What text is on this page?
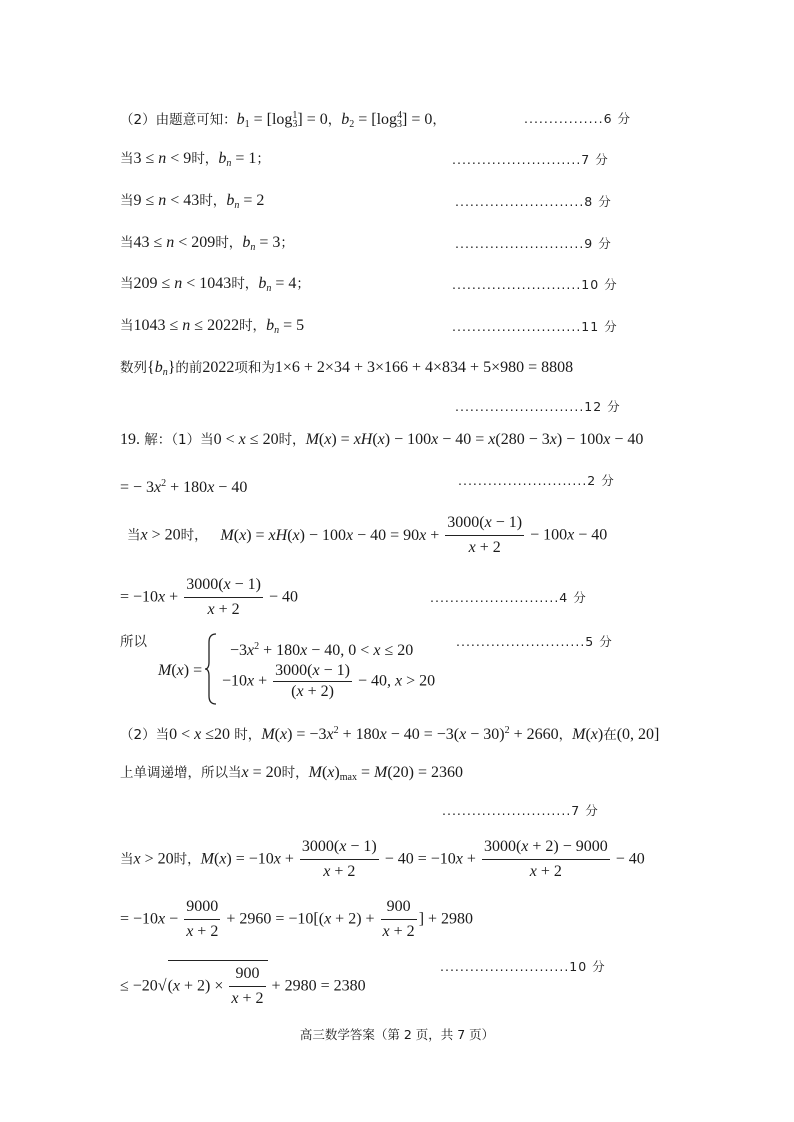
（2）由题意可知：$b_1 = [\log_3^1] = 0$，$b_2 = [\log_3^4] = 0$，	................6 分
当3 ≤ n < 9时，$b_n = 1$；	..........................7 分
当9 ≤ n < 43时，$b_n = 2$	..........................8 分
当43 ≤ n < 209时，$b_n = 3$；	..........................9 分
当209 ≤ n < 1043时，$b_n = 4$；	..........................10 分
当1043 ≤ n ≤ 2022时，$b_n = 5$	..........................11 分
数列$\{b_n\}$的前2022项和为1×6 + 2×34 + 3×166 + 4×834 + 5×980 = 8808
..........................12 分
19. 解：（1）当0 < x ≤ 20时，M(x) = xH(x) − 100x − 40 = x(280 − 3x) − 100x − 40
= − $3x^2 + 180x - 40$	..........................2 分
当x > 20时， $M(x) = xH(x) - 100x - 40 = 90x + \frac{3000(x - 1)}{x + 2} - 100x - 40$
= $-10x + \frac{3000(x - 1)}{x + 2} - 40$	..........................4 分
所以	..........................5 分
M(x) =
$-3x^2 + 180x - 40$, 0 < x ≤ 20
$-10x + \frac{3000(x - 1)}{(x + 2)} - 40$, x > 20
（2）当0 < x ≤20 时，$M(x) = -3x^2 + 180x - 40 = -3(x - 30)^2 + 2660$，M(x)在(0, 20]
上单调递增，所以当x = 20时，$M(x)_{max} = M(20) = 2360$
..........................7 分
当x > 20时，$M(x) = -10x + \frac{3000(x - 1)}{x + 2} - 40 = -10x + \frac{3000(x + 2) - 9000}{x + 2} - 40$
= $-10x - \frac{9000}{x + 2} + 2960 = -10[(x + 2) + \frac{900}{x + 2}$ ] + 2980
≤ $-20√(x + 2) \times \frac{900}{x + 2} + 2980 = 2380$
..........................10 分
高三数学答案（第 2 页，共 7 页）
